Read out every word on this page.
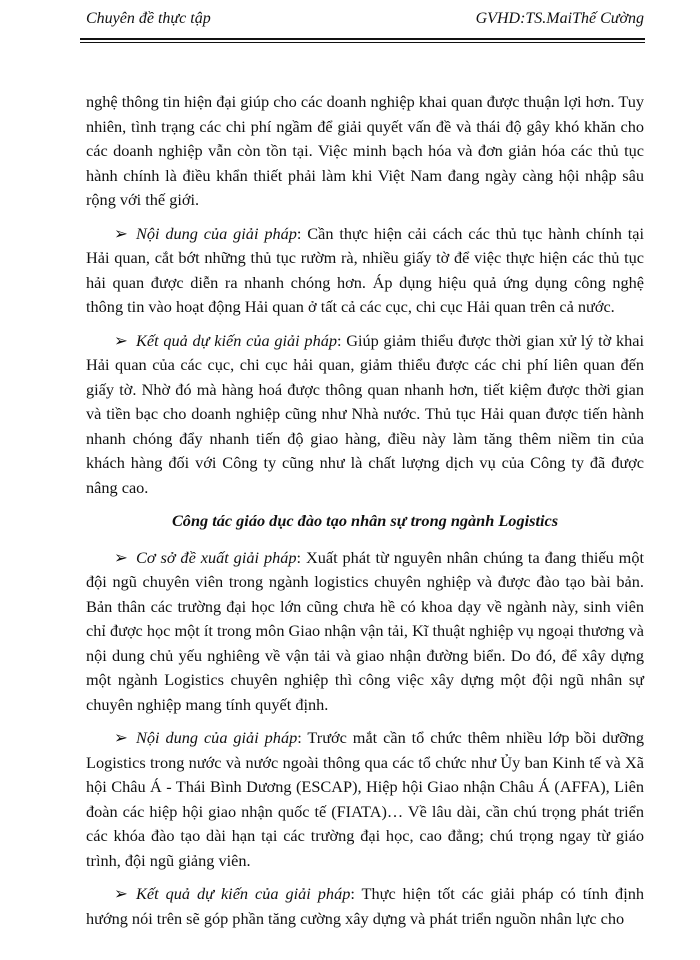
Chuyên đề thực tập	GVHD:TS.MaiThế Cường

nghệ thông tin hiện đại giúp cho các doanh nghiệp khai quan được thuận lợi hơn. Tuy nhiên, tình trạng các chi phí ngầm để giải quyết vấn đề và thái độ gây khó khăn cho các doanh nghiệp vẫn còn tồn tại. Việc minh bạch hóa và đơn giản hóa các thủ tục hành chính là điều khẩn thiết phải làm khi Việt Nam đang ngày càng hội nhập sâu rộng với thế giới.

➢ Nội dung của giải pháp: Cần thực hiện cải cách các thủ tục hành chính tại Hải quan, cắt bớt những thủ tục rườm rà, nhiều giấy tờ để việc thực hiện các thủ tục hải quan được diễn ra nhanh chóng hơn. Áp dụng hiệu quả ứng dụng công nghệ thông tin vào hoạt động Hải quan ở tất cả các cục, chi cục Hải quan trên cả nước.

➢ Kết quả dự kiến của giải pháp: Giúp giảm thiểu được thời gian xử lý tờ khai Hải quan của các cục, chi cục hải quan, giảm thiểu được các chi phí liên quan đến giấy tờ. Nhờ đó mà hàng hoá được thông quan nhanh hơn, tiết kiệm được thời gian và tiền bạc cho doanh nghiệp cũng như Nhà nước. Thủ tục Hải quan được tiến hành nhanh chóng đẩy nhanh tiến độ giao hàng, điều này làm tăng thêm niềm tin của khách hàng đối với Công ty cũng như là chất lượng dịch vụ của Công ty đã được nâng cao.

Công tác giáo dục đào tạo nhân sự trong ngành Logistics

➢ Cơ sở đề xuất giải pháp: Xuất phát từ nguyên nhân chúng ta đang thiếu một đội ngũ chuyên viên trong ngành logistics chuyên nghiệp và được đào tạo bài bản. Bản thân các trường đại học lớn cũng chưa hề có khoa dạy về ngành này, sinh viên chỉ được học một ít trong môn Giao nhận vận tải, Kĩ thuật nghiệp vụ ngoại thương và nội dung chủ yếu nghiêng về vận tải và giao nhận đường biển. Do đó, để xây dựng một ngành Logistics chuyên nghiệp thì công việc xây dựng một đội ngũ nhân sự chuyên nghiệp mang tính quyết định.

➢ Nội dung của giải pháp: Trước mắt cần tổ chức thêm nhiều lớp bồi dưỡng Logistics trong nước và nước ngoài thông qua các tổ chức như Ủy ban Kinh tế và Xã hội Châu Á - Thái Bình Dương (ESCAP), Hiệp hội Giao nhận Châu Á (AFFA), Liên đoàn các hiệp hội giao nhận quốc tế (FIATA)… Về lâu dài, cần chú trọng phát triển các khóa đào tạo dài hạn tại các trường đại học, cao đẳng; chú trọng ngay từ giáo trình, đội ngũ giảng viên.

➢ Kết quả dự kiến của giải pháp: Thực hiện tốt các giải pháp có tính định hướng nói trên sẽ góp phần tăng cường xây dựng và phát triển nguồn nhân lực cho
